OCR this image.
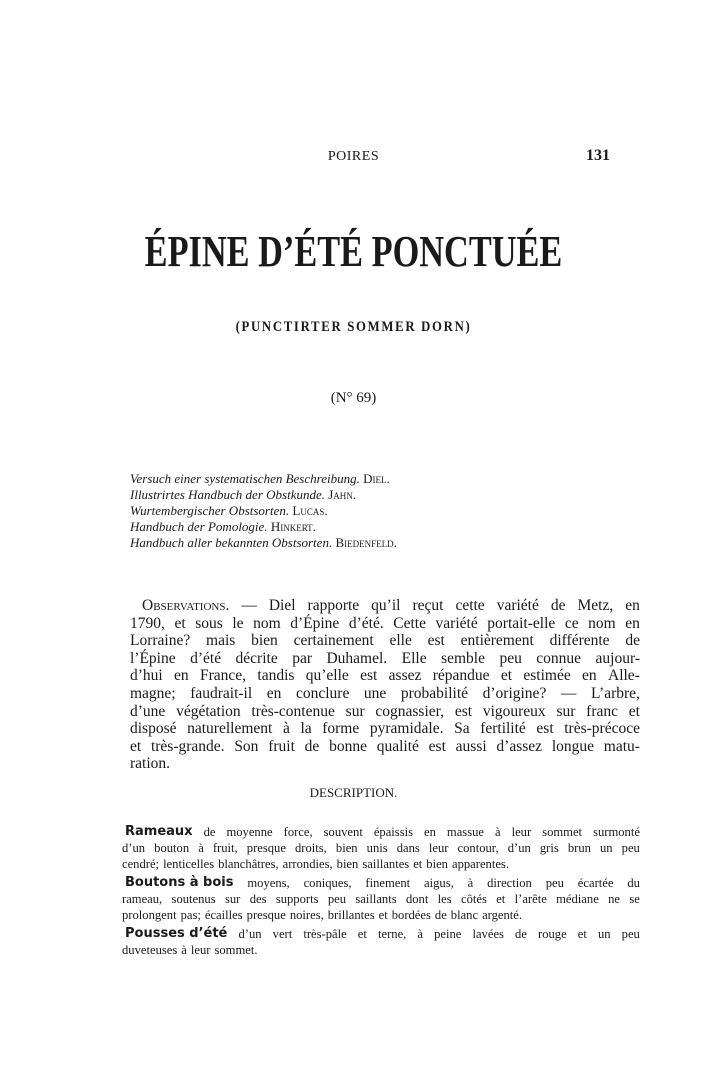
POIRES	131
ÉPINE D’ÉTÉ PONCTUÉE
(PUNCTIRTER SOMMER DORN)
(N° 69)
Versuch einer systematischen Beschreibung. Diel.
Illustrirtes Handbuch der Obstkunde. Jahn.
Wurtembergischer Obstsorten. Lucas.
Handbuch der Pomologie. Hinkert.
Handbuch aller bekannten Obstsorten. Biedenfeld.
Observations. — Diel rapporte qu’il reçut cette variété de Metz, en
1790, et sous le nom d’Épine d’été. Cette variété portait-elle ce nom en
Lorraine? mais bien certainement elle est entièrement différente de
l’Épine d’été décrite par Duhamel. Elle semble peu connue aujour-
d’hui en France, tandis qu’elle est assez répandue et estimée en Alle-
magne; faudrait-il en conclure une probabilité d’origine? — L’arbre,
d’une végétation très-contenue sur cognassier, est vigoureux sur franc et
disposé naturellement à la forme pyramidale. Sa fertilité est très-précoce
et très-grande. Son fruit de bonne qualité est aussi d’assez longue matu-
ration.
DESCRIPTION.
Rameaux de moyenne force, souvent épaissis en massue à leur sommet surmonté
d’un bouton à fruit, presque droits, bien unis dans leur contour, d’un gris brun un peu
cendré; lenticelles blanchâtres, arrondies, bien saillantes et bien apparentes.
Boutons à bois moyens, coniques, finement aigus, à direction peu écartée du
rameau, soutenus sur des supports peu saillants dont les côtés et l’arête médiane ne se
prolongent pas; écailles presque noires, brillantes et bordées de blanc argenté.
Pousses d’été d’un vert très-pâle et terne, à peine lavées de rouge et un peu
duveteuses à leur sommet.
